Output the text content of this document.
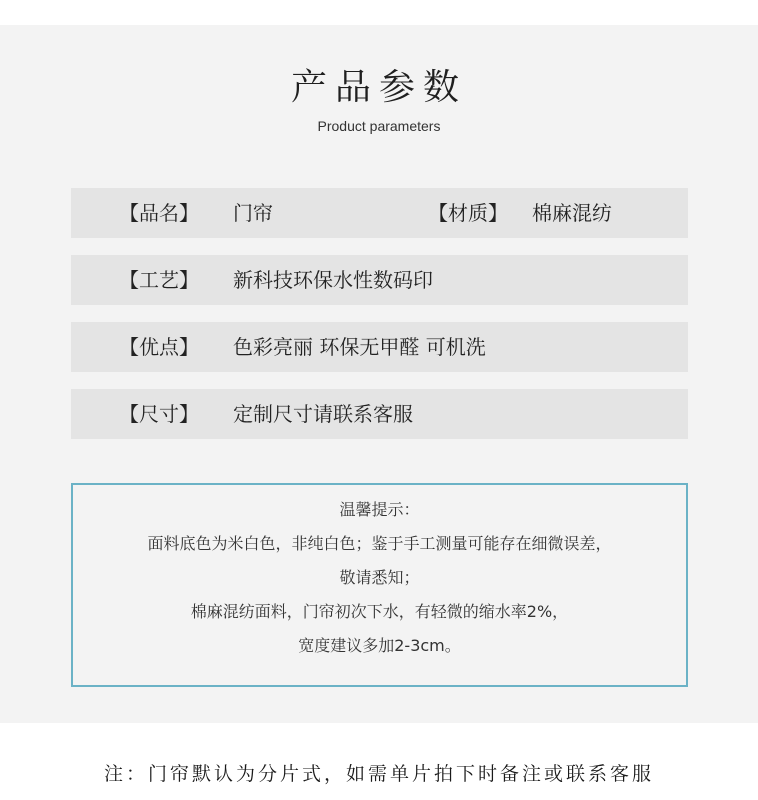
产品参数
Product parameters
【品名】 门帘	【材质】 棉麻混纺
【工艺】 新科技环保水性数码印
【优点】 色彩亮丽 环保无甲醛 可机洗
【尺寸】 定制尺寸请联系客服
温馨提示：
面料底色为米白色，非纯白色；鉴于手工测量可能存在细微误差，
敬请悉知；
棉麻混纺面料，门帘初次下水，有轻微的缩水率2%，
宽度建议多加2-3cm。
注：门帘默认为分片式，如需单片拍下时备注或联系客服
